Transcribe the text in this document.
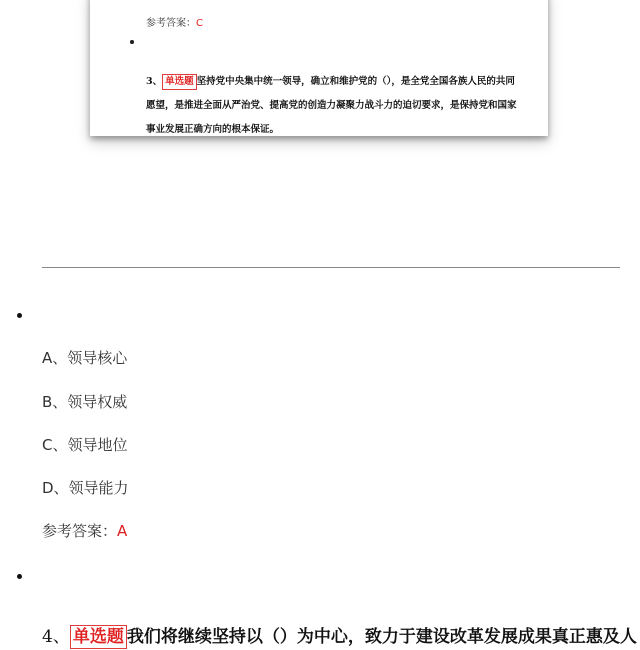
参考答案：C
3、 单选题 坚持党中央集中统一领导，确立和维护党的（），是全党全国各族人民的共同愿望，是推进全面从严治党、提高党的创造力凝聚力战斗力的迫切要求，是保持党和国家事业发展正确方向的根本保证。
A、领导核心
B、领导权威
C、领导地位
D、领导能力
参考答案：A
4、 单选题 我们将继续坚持以（）为中心，致力于建设改革发展成果真正惠及人
